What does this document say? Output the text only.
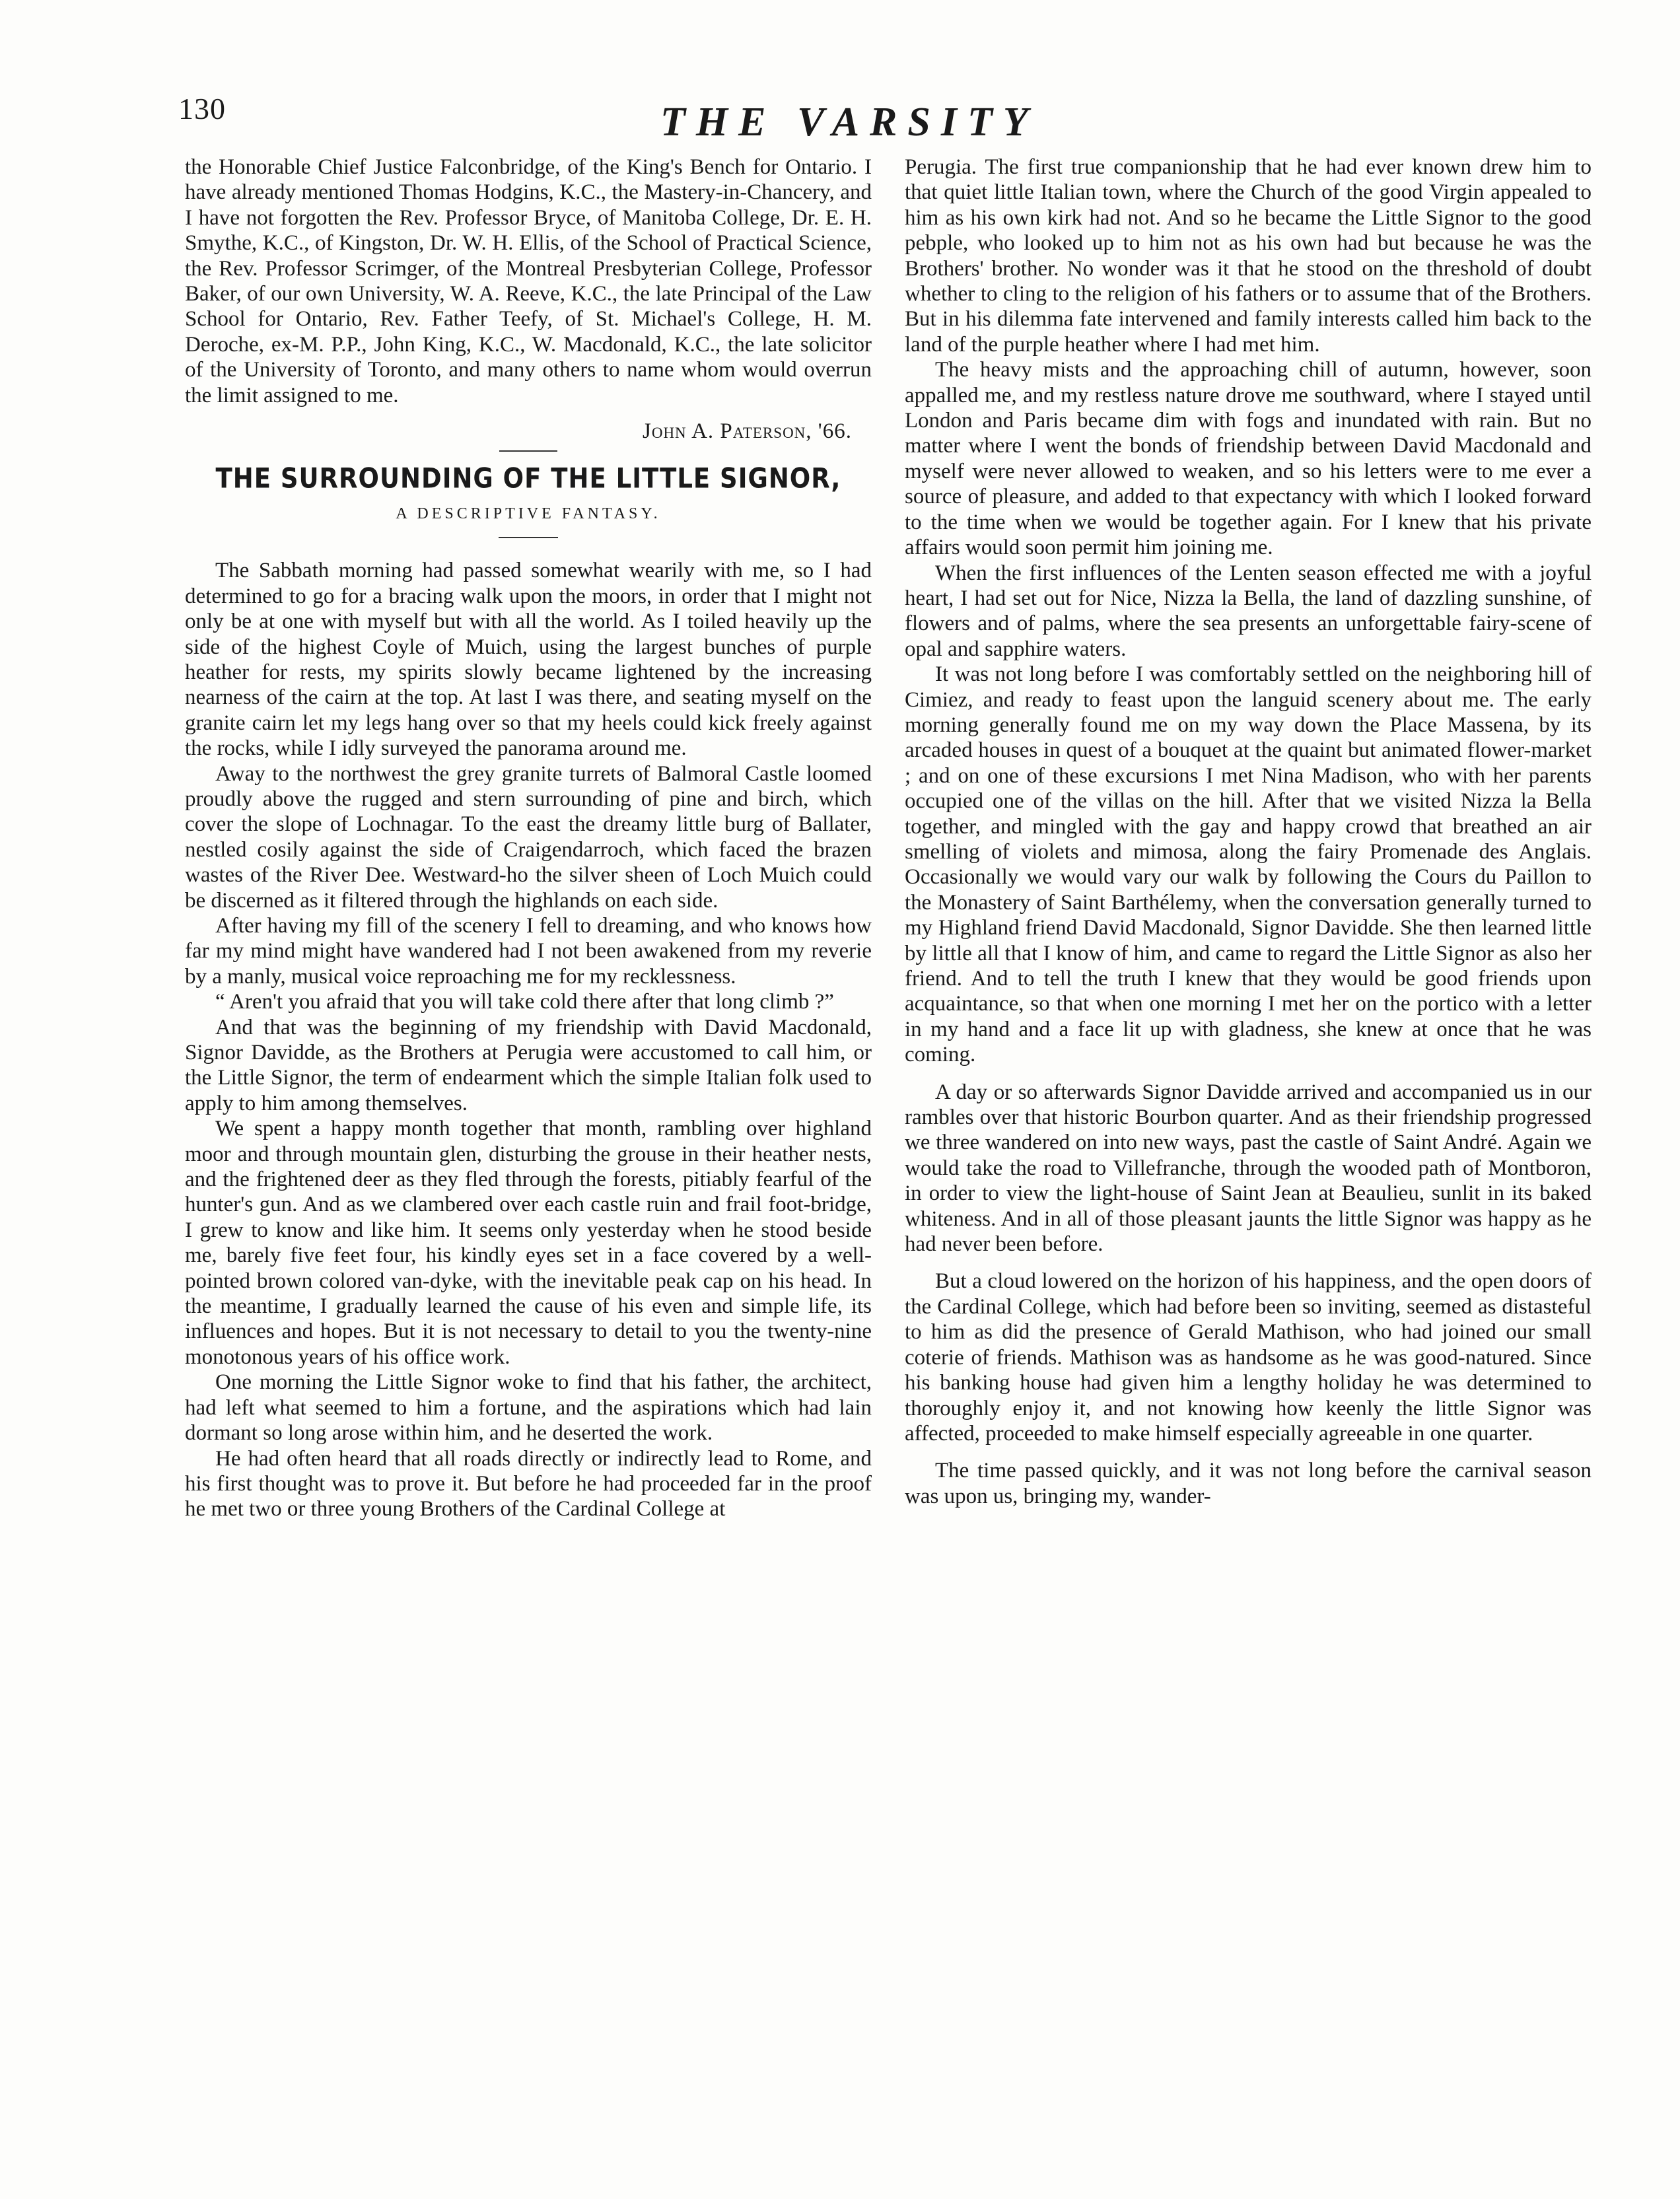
130	THE VARSITY

the Honorable Chief Justice Falconbridge, of the King's Bench for Ontario. I have already mentioned Thomas Hodgins, K.C., the Mastery-in-Chancery, and I have not forgotten the Rev. Professor Bryce, of Manitoba College, Dr. E. H. Smythe, K.C., of Kingston, Dr. W. H. Ellis, of the School of Practical Science, the Rev. Professor Scrimger, of the Montreal Presbyterian College, Professor Baker, of our own University, W. A. Reeve, K.C., the late Principal of the Law School for Ontario, Rev. Father Teefy, of St. Michael's College, H. M. Deroche, ex-M. P.P., John King, K.C., W. Macdonald, K.C., the late solicitor of the University of Toronto, and many others to name whom would overrun the limit assigned to me.

John A. Paterson, '66.
THE SURROUNDING OF THE LITTLE SIGNOR,
A DESCRIPTIVE FANTASY.

The Sabbath morning had passed somewhat wearily with me, so I had determined to go for a bracing walk upon the moors, in order that I might not only be at one with myself but with all the world. As I toiled heavily up the side of the highest Coyle of Muich, using the largest bunches of purple heather for rests, my spirits slowly became lightened by the increasing nearness of the cairn at the top. At last I was there, and seating myself on the granite cairn let my legs hang over so that my heels could kick freely against the rocks, while I idly surveyed the panorama around me.

Away to the northwest the grey granite turrets of Balmoral Castle loomed proudly above the rugged and stern surrounding of pine and birch, which cover the slope of Lochnagar. To the east the dreamy little burg of Ballater, nestled cosily against the side of Craigendarroch, which faced the brazen wastes of the River Dee. Westward-ho the silver sheen of Loch Muich could be discerned as it filtered through the highlands on each side.

After having my fill of the scenery I fell to dreaming, and who knows how far my mind might have wandered had I not been awakened from my reverie by a manly, musical voice reproaching me for my recklessness.

“ Aren't you afraid that you will take cold there after that long climb ?”

And that was the beginning of my friendship with David Macdonald, Signor Davidde, as the Brothers at Perugia were accustomed to call him, or the Little Signor, the term of endearment which the simple Italian folk used to apply to him among themselves.

We spent a happy month together that month, rambling over highland moor and through mountain glen, disturbing the grouse in their heather nests, and the frightened deer as they fled through the forests, pitiably fearful of the hunter's gun. And as we clambered over each castle ruin and frail foot-bridge, I grew to know and like him. It seems only yesterday when he stood beside me, barely five feet four, his kindly eyes set in a face covered by a well-pointed brown colored van-dyke, with the inevitable peak cap on his head. In the meantime, I gradually learned the cause of his even and simple life, its influences and hopes. But it is not necessary to detail to you the twenty-nine monotonous years of his office work.

One morning the Little Signor woke to find that his father, the architect, had left what seemed to him a fortune, and the aspirations which had lain dormant so long arose within him, and he deserted the work.

He had often heard that all roads directly or indirectly lead to Rome, and his first thought was to prove it. But before he had proceeded far in the proof he met two or three young Brothers of the Cardinal College at

Perugia. The first true companionship that he had ever known drew him to that quiet little Italian town, where the Church of the good Virgin appealed to him as his own kirk had not. And so he became the Little Signor to the good pebple, who looked up to him not as his own had but because he was the Brothers' brother. No wonder was it that he stood on the threshold of doubt whether to cling to the religion of his fathers or to assume that of the Brothers. But in his dilemma fate intervened and family interests called him back to the land of the purple heather where I had met him.

The heavy mists and the approaching chill of autumn, however, soon appalled me, and my restless nature drove me southward, where I stayed until London and Paris became dim with fogs and inundated with rain. But no matter where I went the bonds of friendship between David Macdonald and myself were never allowed to weaken, and so his letters were to me ever a source of pleasure, and added to that expectancy with which I looked forward to the time when we would be together again. For I knew that his private affairs would soon permit him joining me.

When the first influences of the Lenten season effected me with a joyful heart, I had set out for Nice, Nizza la Bella, the land of dazzling sunshine, of flowers and of palms, where the sea presents an unforgettable fairy-scene of opal and sapphire waters.

It was not long before I was comfortably settled on the neighboring hill of Cimiez, and ready to feast upon the languid scenery about me. The early morning generally found me on my way down the Place Massena, by its arcaded houses in quest of a bouquet at the quaint but animated flower-market ; and on one of these excursions I met Nina Madison, who with her parents occupied one of the villas on the hill. After that we visited Nizza la Bella together, and mingled with the gay and happy crowd that breathed an air smelling of violets and mimosa, along the fairy Promenade des Anglais. Occasionally we would vary our walk by following the Cours du Paillon to the Monastery of Saint Barthélemy, when the conversation generally turned to my Highland friend David Macdonald, Signor Davidde. She then learned little by little all that I know of him, and came to regard the Little Signor as also her friend. And to tell the truth I knew that they would be good friends upon acquaintance, so that when one morning I met her on the portico with a letter in my hand and a face lit up with gladness, she knew at once that he was coming.

A day or so afterwards Signor Davidde arrived and accompanied us in our rambles over that historic Bourbon quarter. And as their friendship progressed we three wandered on into new ways, past the castle of Saint André. Again we would take the road to Villefranche, through the wooded path of Montboron, in order to view the light-house of Saint Jean at Beaulieu, sunlit in its baked whiteness. And in all of those pleasant jaunts the little Signor was happy as he had never been before.

But a cloud lowered on the horizon of his happiness, and the open doors of the Cardinal College, which had before been so inviting, seemed as distasteful to him as did the presence of Gerald Mathison, who had joined our small coterie of friends. Mathison was as handsome as he was good-natured. Since his banking house had given him a lengthy holiday he was determined to thoroughly enjoy it, and not knowing how keenly the little Signor was affected, proceeded to make himself especially agreeable in one quarter.

The time passed quickly, and it was not long before the carnival season was upon us, bringing my, wander-
